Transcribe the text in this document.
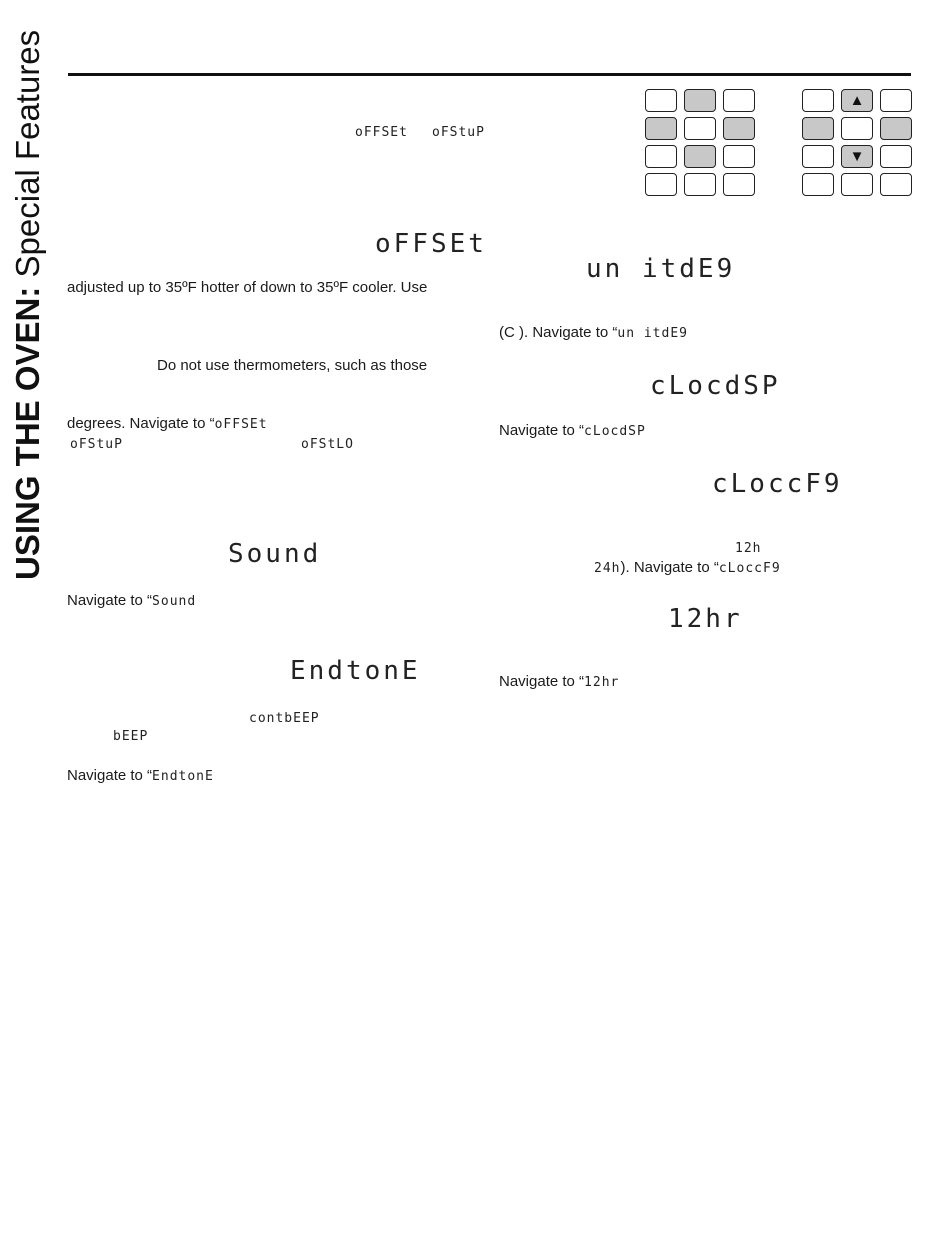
USING THE OVEN: Special Features	▲
▼
oFFSEt oFStuP
oFFSEt
adjusted up to 35ºF hotter of down to 35ºF cooler. Use
Do not use thermometers, such as those
degrees. Navigate to “oFFSEt
oFStuP	oFStLO
Sound
Navigate to “Sound
EndtonE
contbEEP
bEEP
Navigate to “EndtonE
un itdE9
(C ). Navigate to “un itdE9
cLocdSP
Navigate to “cLocdSP
cLoccF9
12h
24h). Navigate to “cLoccF9
12hr
Navigate to “12hr
